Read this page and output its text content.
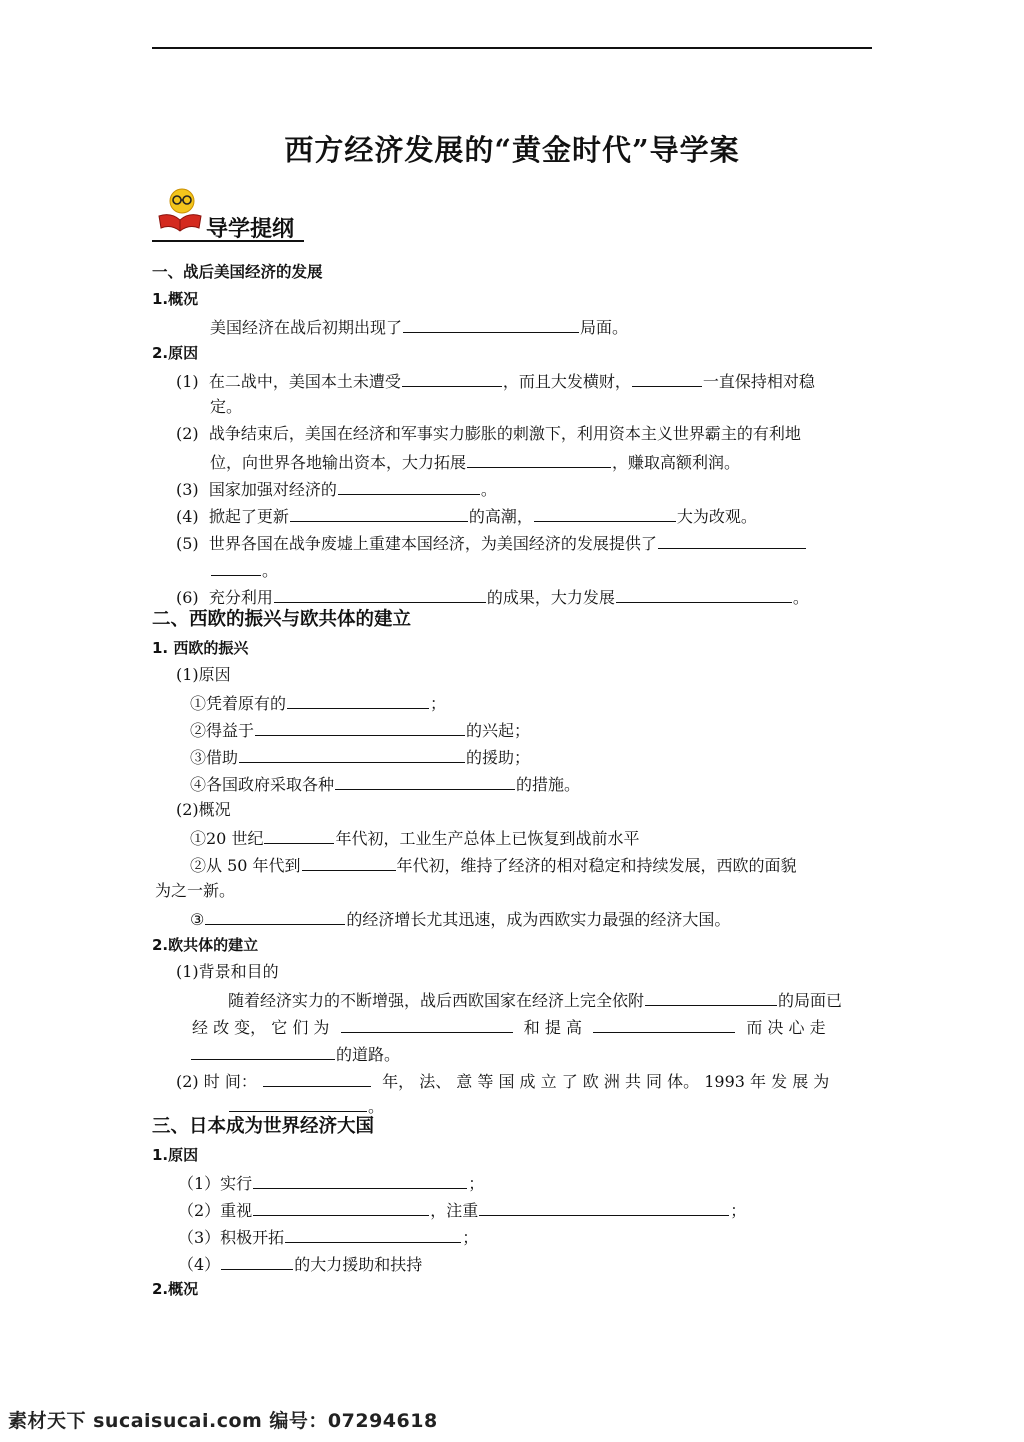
西方经济发展的“黄金时代”导学案
导学提纲
一、战后美国经济的发展
1.概况
美国经济在战后初期出现了	局面。
2.原因
(1) 在二战中，美国本土未遭受	，而且大发横财，	一直保持相对稳
定。
(2) 战争结束后，美国在经济和军事实力膨胀的刺激下，利用资本主义世界霸主的有利地
位，向世界各地输出资本，大力拓展	，赚取高额利润。
(3) 国家加强对经济的	。
(4) 掀起了更新	的高潮，	大为改观。
(5) 世界各国在战争废墟上重建本国经济，为美国经济的发展提供了
。
(6) 充分利用	的成果，大力发展	。
二、西欧的振兴与欧共体的建立
1. 西欧的振兴
(1)原因
①凭着原有的	；
②得益于	的兴起；
③借助	的援助；
④各国政府采取各种	的措施。
(2)概况
①20 世纪	年代初，工业生产总体上已恢复到战前水平
②从 50 年代到	年代初，维持了经济的相对稳定和持续发展，西欧的面貌
为之一新。
③	的经济增长尤其迅速，成为西欧实力最强的经济大国。
2.欧共体的建立
(1)背景和目的
随着经济实力的不断增强，战后西欧国家在经济上完全依附	的局面已
经 改 变， 它 们 为	和 提 高	而 决 心 走
的道路。
(2) 时 间：	年， 法、 意 等 国 成 立 了 欧 洲 共 同 体。 1993 年 发 展 为
。
三、日本成为世界经济大国
1.原因
（1）实行	；
（2）重视	，注重	；
（3）积极开拓	；
（4）	的大力援助和扶持
2.概况
素材天下 sucaisucai.com 编号：07294618
